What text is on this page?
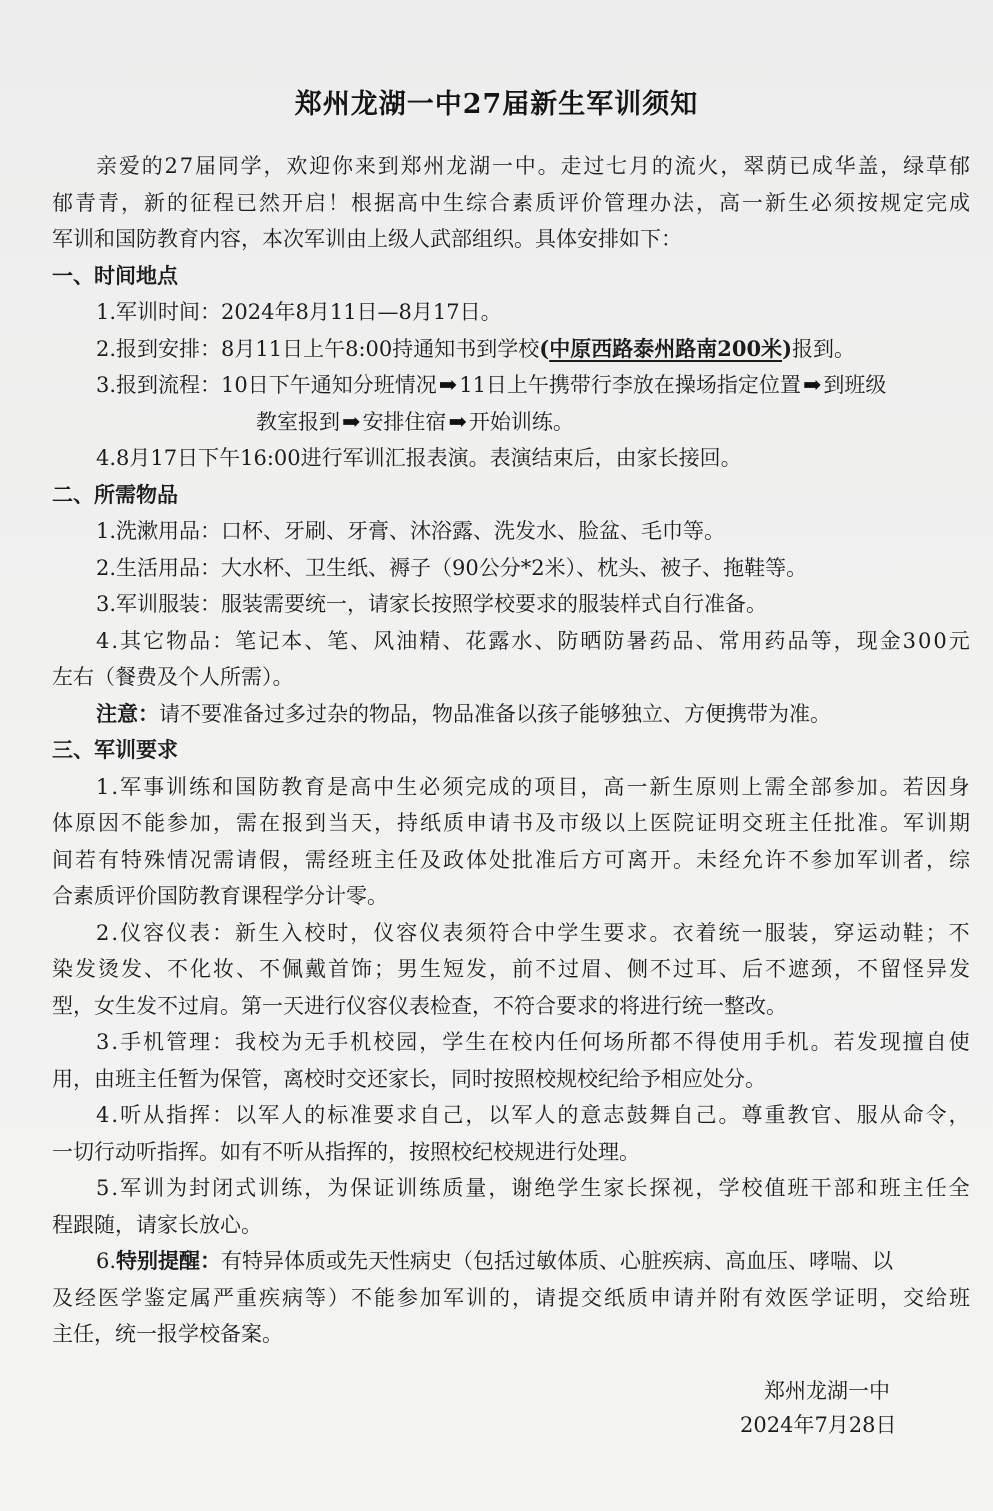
郑州龙湖一中27届新生军训须知
亲 爱 的 2 7 届 同 学 ， 欢 迎 你 来 到 郑 州 龙 湖 一 中 。 走 过 七 月 的 流 火 ， 翠 荫 已 成 华 盖 ， 绿 草 郁
郁 青 青 ， 新 的 征 程 已 然 开 启 ！ 根 据 高 中 生 综 合 素 质 评 价 管 理 办 法 ， 高 一 新 生 必 须 按 规 定 完 成
军训和国防教育内容，本次军训由上级人武部组织。具体安排如下：
一、时间地点
1.军训时间：2024年8月11日—8月17日。
2.报到安排：8月11日上午8:00持通知书到学校(中原西路泰州路南200米)报到。
3.报到流程：10日下午通知分班情况➡11日上午携带行李放在操场指定位置➡到班级
教室报到➡安排住宿➡开始训练。
4.8月17日下午16:00进行军训汇报表演。表演结束后，由家长接回。
二、所需物品
1.洗漱用品：口杯、牙刷、牙膏、沐浴露、洗发水、脸盆、毛巾等。
2.生活用品：大水杯、卫生纸、褥子（90公分*2米）、枕头、被子、拖鞋等。
3.军训服装：服装需要统一，请家长按照学校要求的服装样式自行准备。
4 . 其 它 物 品 ： 笔 记 本 、 笔 、 风 油 精 、 花 露 水 、 防 晒 防 暑 药 品 、 常 用 药 品 等 ， 现 金 3 0 0 元
左右（餐费及个人所需）。
注意：请不要准备过多过杂的物品，物品准备以孩子能够独立、方便携带为准。
三、军训要求
1 . 军 事 训 练 和 国 防 教 育 是 高 中 生 必 须 完 成 的 项 目 ， 高 一 新 生 原 则 上 需 全 部 参 加 。 若 因 身
体 原 因 不 能 参 加 ， 需 在 报 到 当 天 ， 持 纸 质 申 请 书 及 市 级 以 上 医 院 证 明 交 班 主 任 批 准 。 军 训 期
间 若 有 特 殊 情 况 需 请 假 ， 需 经 班 主 任 及 政 体 处 批 准 后 方 可 离 开 。 未 经 允 许 不 参 加 军 训 者 ， 综
合素质评价国防教育课程学分计零。
2 . 仪 容 仪 表 ： 新 生 入 校 时 ， 仪 容 仪 表 须 符 合 中 学 生 要 求 。 衣 着 统 一 服 装 ， 穿 运 动 鞋 ； 不
染 发 烫 发 、 不 化 妆 、 不 佩 戴 首 饰 ； 男 生 短 发 ， 前 不 过 眉 、 侧 不 过 耳 、 后 不 遮 颈 ， 不 留 怪 异 发
型，女生发不过肩。第一天进行仪容仪表检查，不符合要求的将进行统一整改。
3 . 手 机 管 理 ： 我 校 为 无 手 机 校 园 ， 学 生 在 校 内 任 何 场 所 都 不 得 使 用 手 机 。 若 发 现 擅 自 使
用，由班主任暂为保管，离校时交还家长，同时按照校规校纪给予相应处分。
4 . 听 从 指 挥 ： 以 军 人 的 标 准 要 求 自 己 ， 以 军 人 的 意 志 鼓 舞 自 己 。 尊 重 教 官 、 服 从 命 令 ，
一切行动听指挥。如有不听从指挥的，按照校纪校规进行处理。
5 . 军 训 为 封 闭 式 训 练 ， 为 保 证 训 练 质 量 ， 谢 绝 学 生 家 长 探 视 ， 学 校 值 班 干 部 和 班 主 任 全
程跟随，请家长放心。
6.特别提醒：有特异体质或先天性病史（包括过敏体质、心脏疾病、高血压、哮喘、以
及 经 医 学 鉴 定 属 严 重 疾 病 等 ） 不 能 参 加 军 训 的 ， 请 提 交 纸 质 申 请 并 附 有 效 医 学 证 明 ， 交 给 班
主任，统一报学校备案。
郑州龙湖一中
2024年7月28日
